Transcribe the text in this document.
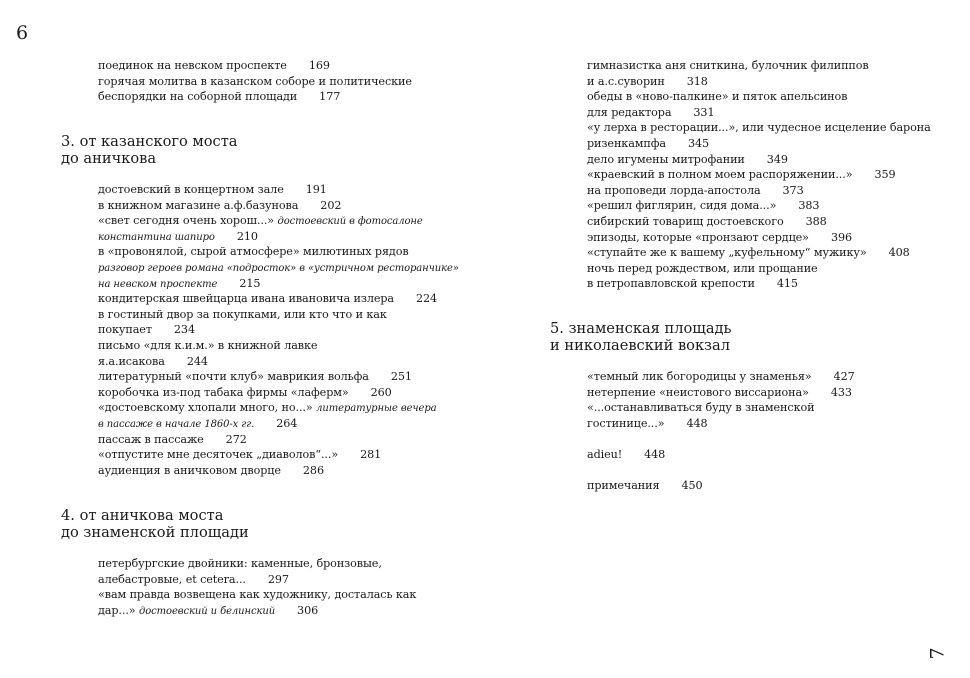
6
7
поединок на невском проспекте 169
горячая молитва в казанском соборе и политические
беспорядки на соборной площади 177
3. от казанского моста
до аничкова
достоевский в концертном зале 191
в книжном магазине а.ф.базунова 202
«свет сегодня очень хорош...» достоевский в фотосалоне
константина шапиро 210
в «провонялой, сырой атмосфере» милютиных рядов
разговор героев романа «подросток» в «устричном ресторанчике»
на невском проспекте 215
кондитерская швейцарца ивана ивановича излера 224
в гостиный двор за покупками, или кто что и как
покупает 234
письмо «для к.и.м.» в книжной лавке
я.а.исакова 244
литературный «почти клуб» маврикия вольфа 251
коробочка из-под табака фирмы «лаферм» 260
«достоевскому хлопали много, но...» литературные вечера
в пассаже в начале 1860-х гг. 264
пассаж в пассаже 272
«отпустите мне десяточек „диаволов“...» 281
аудиенция в аничковом дворце 286
4. от аничкова моста
до знаменской площади
петербургские двойники: каменные, бронзовые,
алебастровые, et cetera... 297
«вам правда возвещена как художнику, досталась как
дар...» достоевский и белинский 306
гимназистка аня сниткина, булочник филиппов
и а.с.суворин 318
обеды в «ново-палкине» и пяток апельсинов
для редактора 331
«у лерха в ресторации...», или чудесное исцеление барона
ризенкампфа 345
дело игумены митрофании 349
«краевский в полном моем распоряжении...» 359
на проповеди лорда-апостола 373
«решил фиглярин, сидя дома...» 383
сибирский товарищ достоевского 388
эпизоды, которые «пронзают сердце» 396
«ступайте же к вашему „куфельному“ мужику» 408
ночь перед рождеством, или прощание
в петропавловской крепости 415
5. знаменская площадь
и николаевский вокзал
«темный лик богородицы у знаменья» 427
нетерпение «неистового виссариона» 433
«...останавливаться буду в знаменской
гостинице...» 448
adieu! 448
примечания 450
